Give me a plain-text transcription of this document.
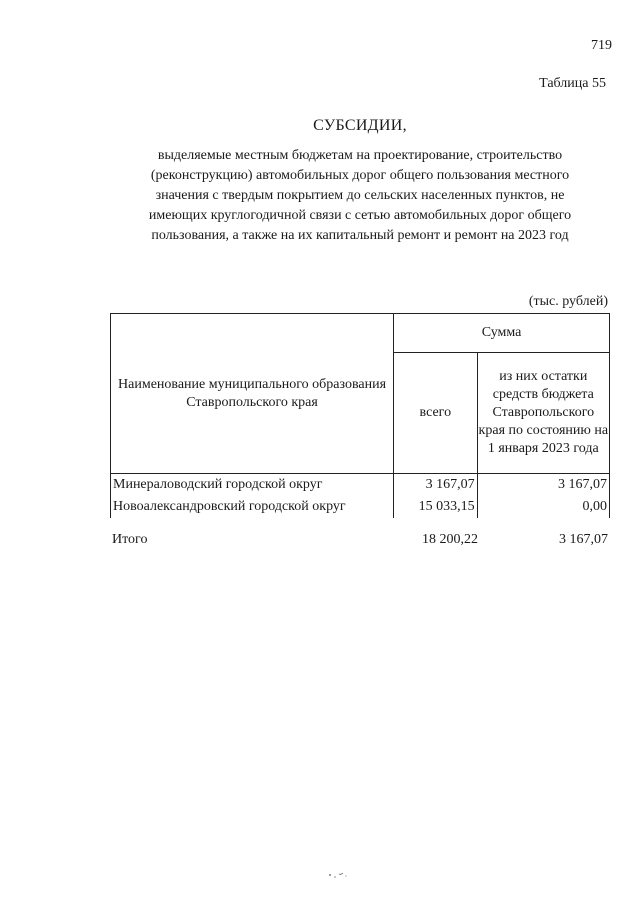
719
Таблица 55
СУБСИДИИ,
выделяемые местным бюджетам на проектирование, строительство
(реконструкцию) автомобильных дорог общего пользования местного
значения с твердым покрытием до сельских населенных пунктов, не
имеющих круглогодичной связи с сетью автомобильных дорог общего
пользования, а также на их капитальный ремонт и ремонт на 2023 год
(тыс. рублей)
Наименование муниципального образования Ставропольского края	Сумма	
	всего	из них остатки средств бюджета Ставропольского края по состоянию на 1 января 2023 года
Минераловодский городской округ	3 167,07	3 167,07
Новоалександровский городской округ	15 033,15	0,00
Итого	18 200,22	3 167,07
